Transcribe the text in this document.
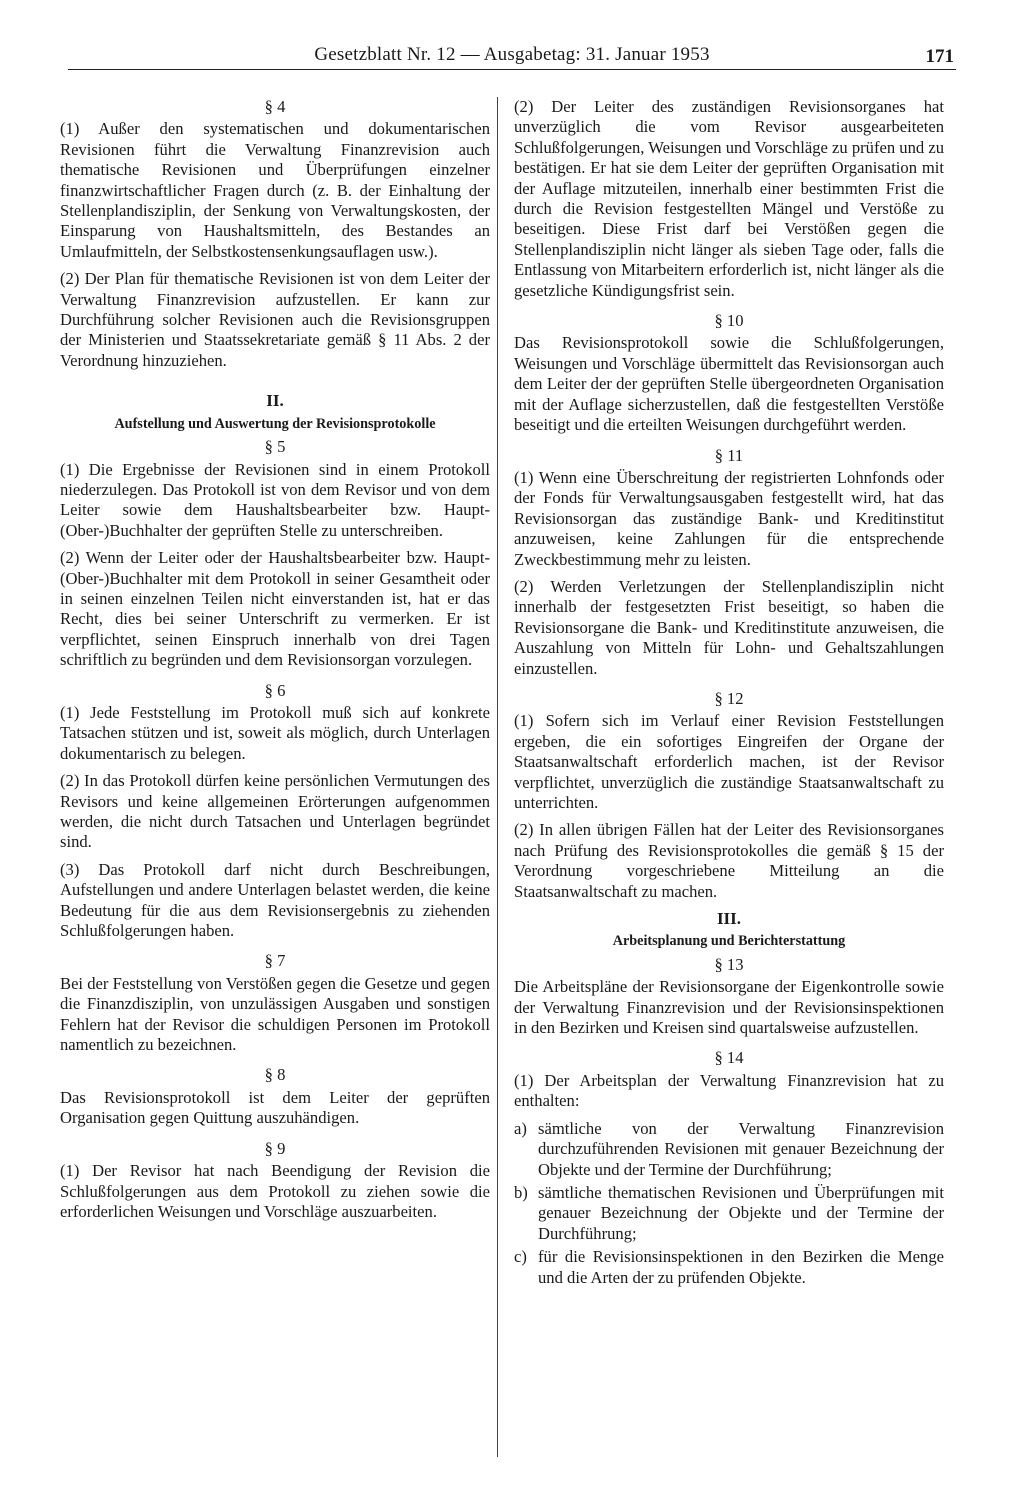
Gesetzblatt Nr. 12 — Ausgabetag: 31. Januar 1953	171
§ 4

(1) Außer den systematischen und dokumentarischen Revisionen führt die Verwaltung Finanzrevision auch thematische Revisionen und Überprüfungen einzelner finanzwirtschaftlicher Fragen durch (z. B. der Einhaltung der Stellenplandisziplin, der Senkung von Verwaltungskosten, der Einsparung von Haushaltsmitteln, des Bestandes an Umlaufmitteln, der Selbstkostensenkungsauflagen usw.).

(2) Der Plan für thematische Revisionen ist von dem Leiter der Verwaltung Finanzrevision aufzustellen. Er kann zur Durchführung solcher Revisionen auch die Revisionsgruppen der Ministerien und Staatssekretariate gemäß § 11 Abs. 2 der Verordnung hinzuziehen.

II.
Aufstellung und Auswertung der Revisionsprotokolle
§ 5

(1) Die Ergebnisse der Revisionen sind in einem Protokoll niederzulegen. Das Protokoll ist von dem Revisor und von dem Leiter sowie dem Haushaltsbearbeiter bzw. Haupt-(Ober-)Buchhalter der geprüften Stelle zu unterschreiben.

(2) Wenn der Leiter oder der Haushaltsbearbeiter bzw. Haupt-(Ober-)Buchhalter mit dem Protokoll in seiner Gesamtheit oder in seinen einzelnen Teilen nicht einverstanden ist, hat er das Recht, dies bei seiner Unterschrift zu vermerken. Er ist verpflichtet, seinen Einspruch innerhalb von drei Tagen schriftlich zu begründen und dem Revisionsorgan vorzulegen.

§ 6

(1) Jede Feststellung im Protokoll muß sich auf konkrete Tatsachen stützen und ist, soweit als möglich, durch Unterlagen dokumentarisch zu belegen.

(2) In das Protokoll dürfen keine persönlichen Vermutungen des Revisors und keine allgemeinen Erörterungen aufgenommen werden, die nicht durch Tatsachen und Unterlagen begründet sind.

(3) Das Protokoll darf nicht durch Beschreibungen, Aufstellungen und andere Unterlagen belastet werden, die keine Bedeutung für die aus dem Revisionsergebnis zu ziehenden Schlußfolgerungen haben.

§ 7

Bei der Feststellung von Verstößen gegen die Gesetze und gegen die Finanzdisziplin, von unzulässigen Ausgaben und sonstigen Fehlern hat der Revisor die schuldigen Personen im Protokoll namentlich zu bezeichnen.

§ 8

Das Revisionsprotokoll ist dem Leiter der geprüften Organisation gegen Quittung auszuhändigen.

§ 9

(1) Der Revisor hat nach Beendigung der Revision die Schlußfolgerungen aus dem Protokoll zu ziehen sowie die erforderlichen Weisungen und Vorschläge auszuarbeiten.

(2) Der Leiter des zuständigen Revisionsorganes hat unverzüglich die vom Revisor ausgearbeiteten Schlußfolgerungen, Weisungen und Vorschläge zu prüfen und zu bestätigen. Er hat sie dem Leiter der geprüften Organisation mit der Auflage mitzuteilen, innerhalb einer bestimmten Frist die durch die Revision festgestellten Mängel und Verstöße zu beseitigen. Diese Frist darf bei Verstößen gegen die Stellenplandisziplin nicht länger als sieben Tage oder, falls die Entlassung von Mitarbeitern erforderlich ist, nicht länger als die gesetzliche Kündigungsfrist sein.

§ 10

Das Revisionsprotokoll sowie die Schlußfolgerungen, Weisungen und Vorschläge übermittelt das Revisionsorgan auch dem Leiter der der geprüften Stelle übergeordneten Organisation mit der Auflage sicherzustellen, daß die festgestellten Verstöße beseitigt und die erteilten Weisungen durchgeführt werden.

§ 11

(1) Wenn eine Überschreitung der registrierten Lohnfonds oder der Fonds für Verwaltungsausgaben festgestellt wird, hat das Revisionsorgan das zuständige Bank- und Kreditinstitut anzuweisen, keine Zahlungen für die entsprechende Zweckbestimmung mehr zu leisten.

(2) Werden Verletzungen der Stellenplandisziplin nicht innerhalb der festgesetzten Frist beseitigt, so haben die Revisionsorgane die Bank- und Kreditinstitute anzuweisen, die Auszahlung von Mitteln für Lohn- und Gehaltszahlungen einzustellen.

§ 12

(1) Sofern sich im Verlauf einer Revision Feststellungen ergeben, die ein sofortiges Eingreifen der Organe der Staatsanwaltschaft erforderlich machen, ist der Revisor verpflichtet, unverzüglich die zuständige Staatsanwaltschaft zu unterrichten.

(2) In allen übrigen Fällen hat der Leiter des Revisionsorganes nach Prüfung des Revisionsprotokolles die gemäß § 15 der Verordnung vorgeschriebene Mitteilung an die Staatsanwaltschaft zu machen.

III.
Arbeitsplanung und Berichterstattung
§ 13

Die Arbeitspläne der Revisionsorgane der Eigenkontrolle sowie der Verwaltung Finanzrevision und der Revisionsinspektionen in den Bezirken und Kreisen sind quartalsweise aufzustellen.

§ 14

(1) Der Arbeitsplan der Verwaltung Finanzrevision hat zu enthalten:

a) sämtliche von der Verwaltung Finanzrevision durchzuführenden Revisionen mit genauer Bezeichnung der Objekte und der Termine der Durchführung;
b) sämtliche thematischen Revisionen und Überprüfungen mit genauer Bezeichnung der Objekte und der Termine der Durchführung;
c) für die Revisionsinspektionen in den Bezirken die Menge und die Arten der zu prüfenden Objekte.
